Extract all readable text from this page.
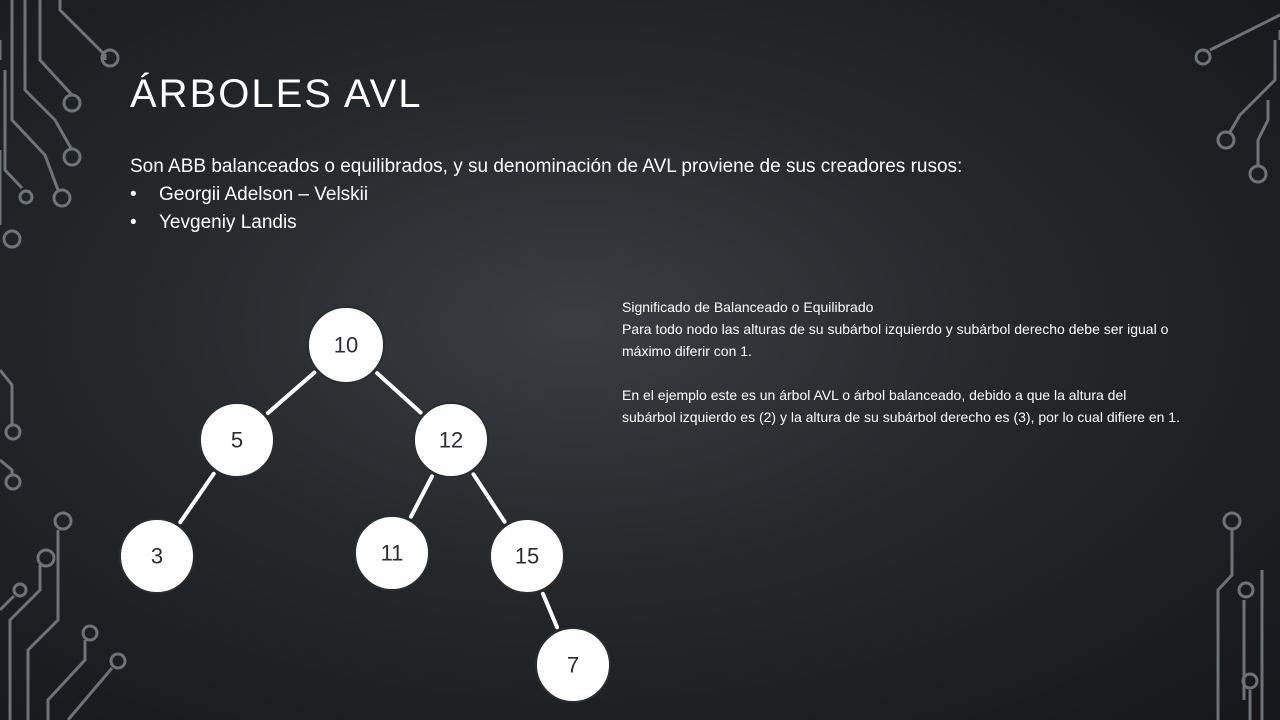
ÁRBOLES AVL
Son ABB balanceados o equilibrados, y su denominación de AVL proviene de sus creadores rusos:
• Georgii Adelson – Velskii
• Yevgeniy Landis

Significado de Balanceado o Equilibrado

Para todo nodo las alturas de su subárbol izquierdo y subárbol derecho debe ser igual o máximo diferir con 1.

En el ejemplo este es un árbol AVL o árbol balanceado, debido a que la altura del subárbol izquierdo es (2) y la altura de su subárbol derecho es (3), por lo cual difiere en 1.

10
5	12
3	11	15
7
